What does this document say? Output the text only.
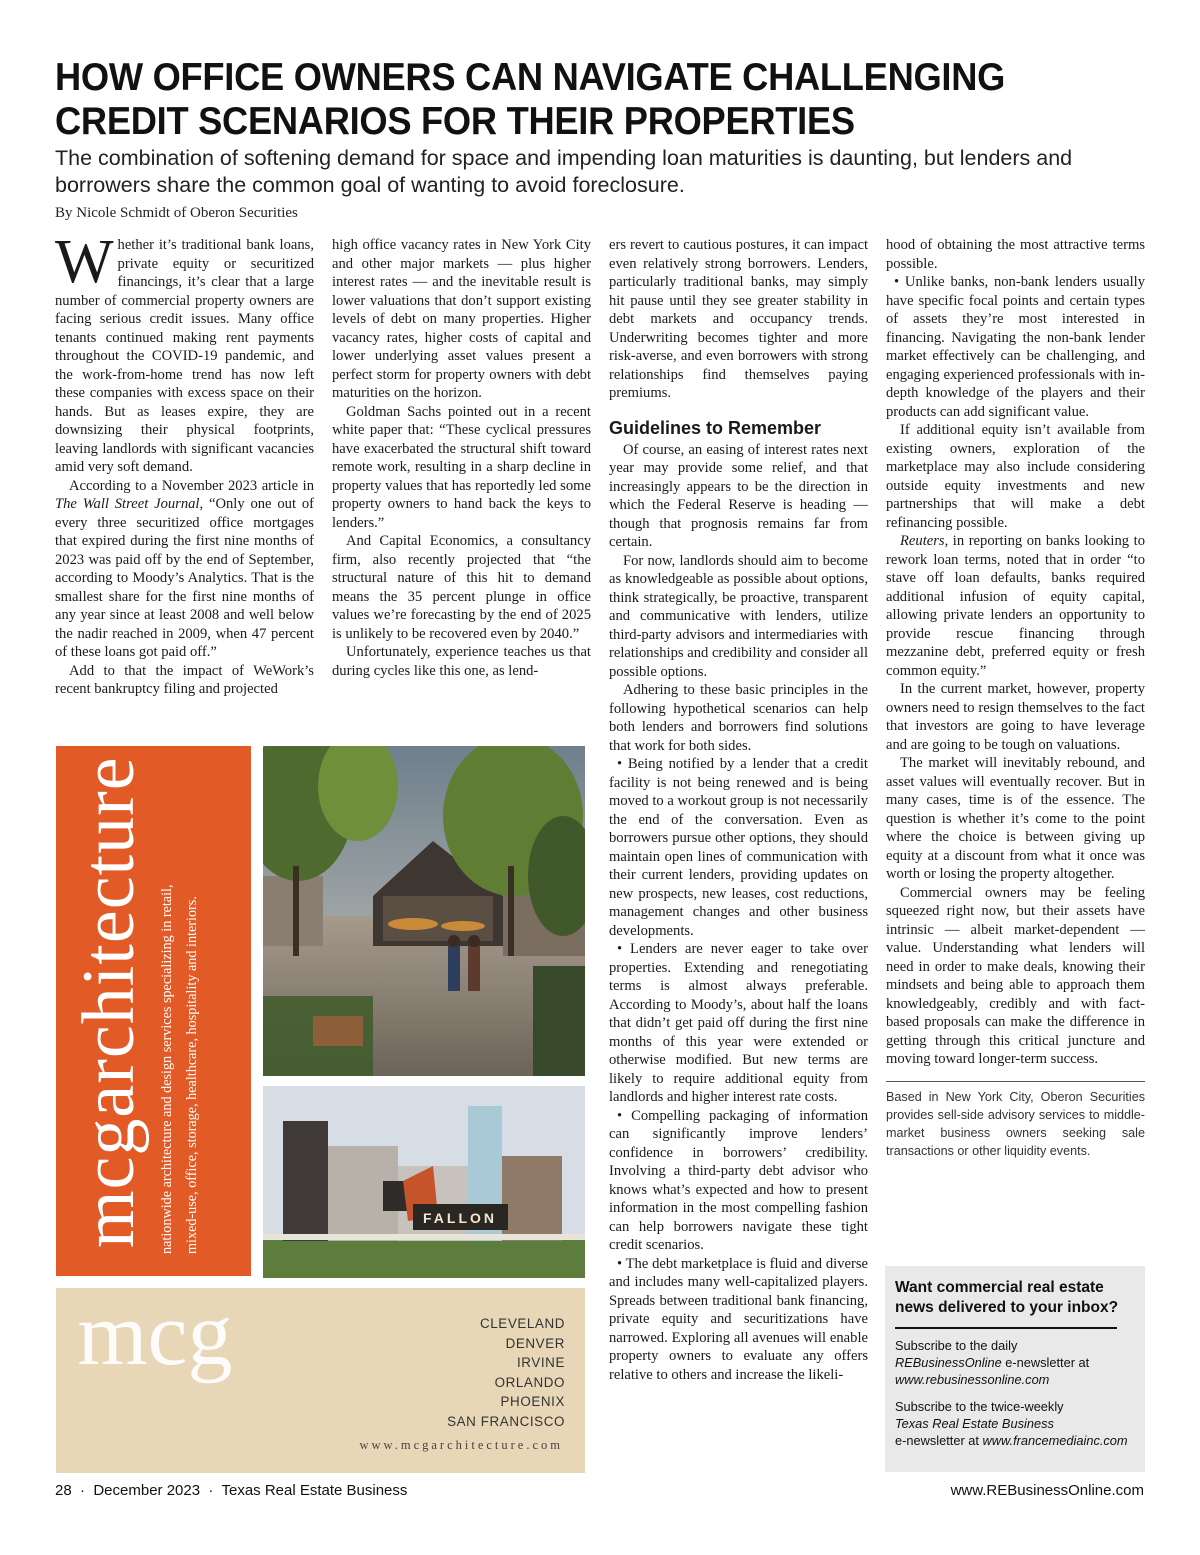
HOW OFFICE OWNERS CAN NAVIGATE CHALLENGING
CREDIT SCENARIOS FOR THEIR PROPERTIES
The combination of softening demand for space and impending loan maturities is daunting, but lenders and borrowers share the common goal of wanting to avoid foreclosure.
By Nicole Schmidt of Oberon Securities

Whether it’s traditional bank loans, private equity or securitized financings, it’s clear that a large number of commercial property owners are facing serious credit issues. Many office tenants continued making rent payments throughout the COVID-19 pandemic, and the work-from-home trend has now left these companies with excess space on their hands. But as leases expire, they are downsizing their physical footprints, leaving landlords with significant vacancies amid very soft demand.

According to a November 2023 article in The Wall Street Journal, “Only one out of every three securitized office mortgages that expired during the first nine months of 2023 was paid off by the end of September, according to Moody’s Analytics. That is the smallest share for the first nine months of any year since at least 2008 and well below the nadir reached in 2009, when 47 percent of these loans got paid off.”

Add to that the impact of WeWork’s recent bankruptcy filing and projected

high office vacancy rates in New York City and other major markets — plus higher interest rates — and the inevitable result is lower valuations that don’t support existing levels of debt on many properties. Higher vacancy rates, higher costs of capital and lower underlying asset values present a perfect storm for property owners with debt maturities on the horizon.

Goldman Sachs pointed out in a recent white paper that: “These cyclical pressures have exacerbated the structural shift toward remote work, resulting in a sharp decline in property values that has reportedly led some property owners to hand back the keys to lenders.”

And Capital Economics, a consultancy firm, also recently projected that “the structural nature of this hit to demand means the 35 percent plunge in office values we’re forecasting by the end of 2025 is unlikely to be recovered even by 2040.”

Unfortunately, experience teaches us that during cycles like this one, as lend-

ers revert to cautious postures, it can impact even relatively strong borrowers. Lenders, particularly traditional banks, may simply hit pause until they see greater stability in debt markets and occupancy trends. Underwriting becomes tighter and more risk-averse, and even borrowers with strong relationships find themselves paying premiums.

Guidelines to Remember

Of course, an easing of interest rates next year may provide some relief, and that increasingly appears to be the direction in which the Federal Reserve is heading — though that prognosis remains far from certain.

For now, landlords should aim to become as knowledgeable as possible about options, think strategically, be proactive, transparent and communicative with lenders, utilize third-party advisors and intermediaries with relationships and credibility and consider all possible options.

Adhering to these basic principles in the following hypothetical scenarios can help both lenders and borrowers find solutions that work for both sides.

• Being notified by a lender that a credit facility is not being renewed and is being moved to a workout group is not necessarily the end of the conversation. Even as borrowers pursue other options, they should maintain open lines of communication with their current lenders, providing updates on new prospects, new leases, cost reductions, management changes and other business developments.

• Lenders are never eager to take over properties. Extending and renegotiating terms is almost always preferable. According to Moody’s, about half the loans that didn’t get paid off during the first nine months of this year were extended or otherwise modified. But new terms are likely to require additional equity from landlords and higher interest rate costs.

• Compelling packaging of information can significantly improve lenders’ confidence in borrowers’ credibility. Involving a third-party debt advisor who knows what’s expected and how to present information in the most compelling fashion can help borrowers navigate these tight credit scenarios.

• The debt marketplace is fluid and diverse and includes many well-capitalized players. Spreads between traditional bank financing, private equity and securitizations have narrowed. Exploring all avenues will enable property owners to evaluate any offers relative to others and increase the likeli-

hood of obtaining the most attractive terms possible.

• Unlike banks, non-bank lenders usually have specific focal points and certain types of assets they’re most interested in financing. Navigating the non-bank lender market effectively can be challenging, and engaging experienced professionals with in-depth knowledge of the players and their products can add significant value.

If additional equity isn’t available from existing owners, exploration of the marketplace may also include considering outside equity investments and new partnerships that will make a debt refinancing possible.

Reuters, in reporting on banks looking to rework loan terms, noted that in order “to stave off loan defaults, banks required additional infusion of equity capital, allowing private lenders an opportunity to provide rescue financing through mezzanine debt, preferred equity or fresh common equity.”

In the current market, however, property owners need to resign themselves to the fact that investors are going to have leverage and are going to be tough on valuations.

The market will inevitably rebound, and asset values will eventually recover. But in many cases, time is of the essence. The question is whether it’s come to the point where the choice is between giving up equity at a discount from what it once was worth or losing the property altogether.

Commercial owners may be feeling squeezed right now, but their assets have intrinsic — albeit market-dependent — value. Understanding what lenders will need in order to make deals, knowing their mindsets and being able to approach them knowledgeably, credibly and with fact-based proposals can make the difference in getting through this critical juncture and moving toward longer-term success.

Based in New York City, Oberon Securities provides sell-side advisory services to middle-market business owners seeking sale transactions or other liquidity events.
Want commercial real estate news delivered to your inbox?
Subscribe to the daily
REBusinessOnline e-newsletter at
www.rebusinessonline.com
Subscribe to the twice-weekly
Texas Real Estate Business
e-newsletter at www.francemediainc.com
mcgarchitecture nationwide architecture and design services specializing in retail, mixed-use, office, storage, healthcare, hospitality and interiors.	FALLON
mcg	CLEVELAND
DENVER
IRVINE
ORLANDO
PHOENIX
SAN FRANCISCO
www.mcgarchitecture.com
28  ·  December 2023  ·  Texas Real Estate Business	www.REBusinessOnline.com
